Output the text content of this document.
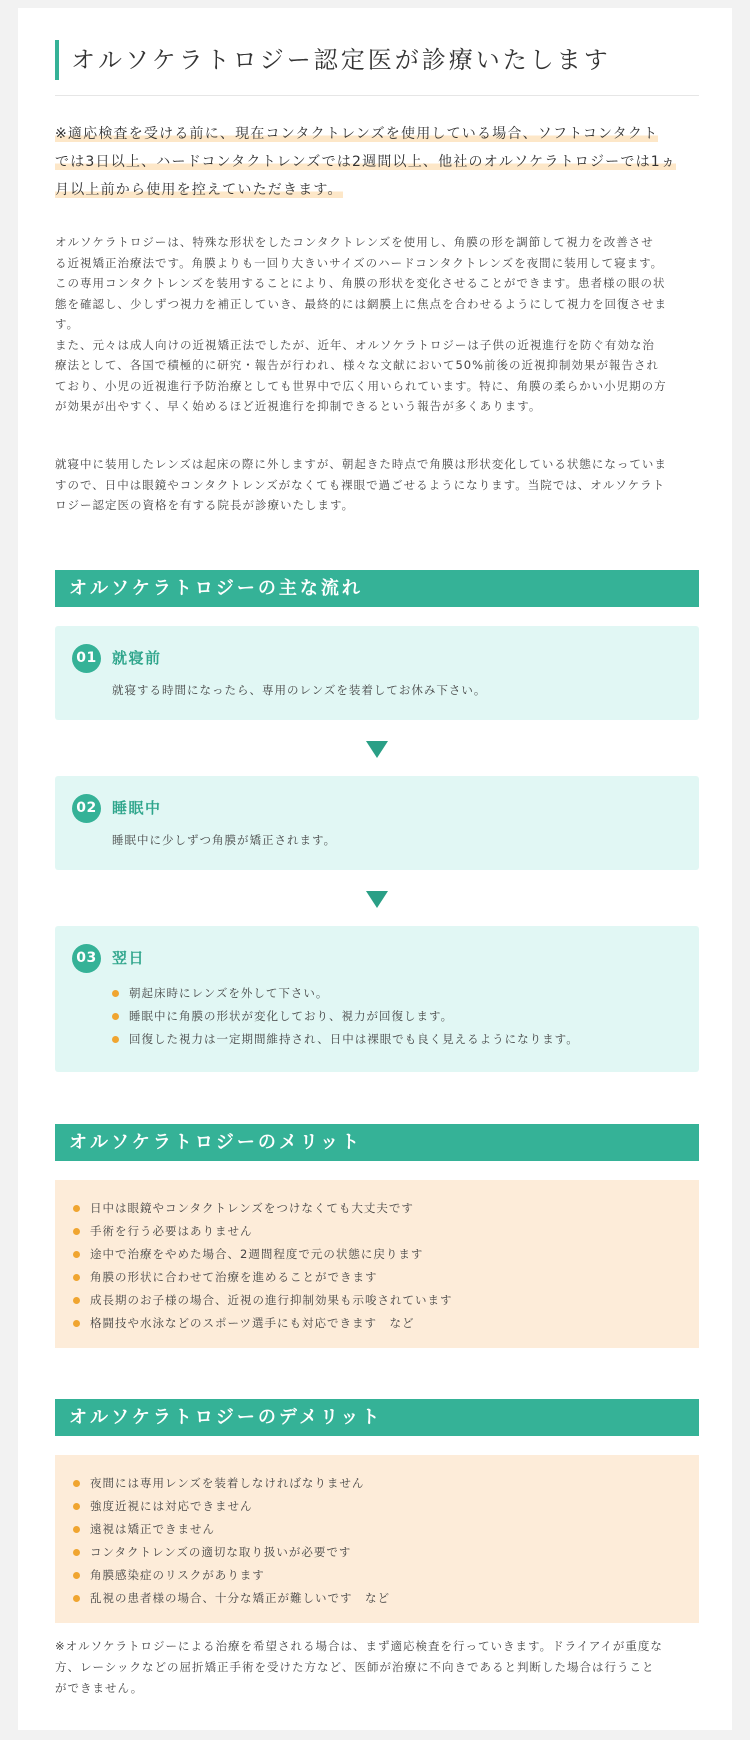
オルソケラトロジー認定医が診療いたします
※適応検査を受ける前に、現在コンタクトレンズを使用している場合、ソフトコンタクト
では3日以上、ハードコンタクトレンズでは2週間以上、他社のオルソケラトロジーでは1ヵ
月以上前から使用を控えていただきます。

オルソケラトロジーは、特殊な形状をしたコンタクトレンズを使用し、角膜の形を調節して視力を改善させ

る近視矯正治療法です。角膜よりも一回り大きいサイズのハードコンタクトレンズを夜間に装用して寝ます。

この専用コンタクトレンズを装用することにより、角膜の形状を変化させることができます。患者様の眼の状

態を確認し、少しずつ視力を補正していき、最終的には網膜上に焦点を合わせるようにして視力を回復させま

す。

また、元々は成人向けの近視矯正法でしたが、近年、オルソケラトロジーは子供の近視進行を防ぐ有効な治

療法として、各国で積極的に研究・報告が行われ、様々な文献において50%前後の近視抑制効果が報告され

ており、小児の近視進行予防治療としても世界中で広く用いられています。特に、角膜の柔らかい小児期の方

が効果が出やすく、早く始めるほど近視進行を抑制できるという報告が多くあります。

就寝中に装用したレンズは起床の際に外しますが、朝起きた時点で角膜は形状変化している状態になっていま

すので、日中は眼鏡やコンタクトレンズがなくても裸眼で過ごせるようになります。当院では、オルソケラト

ロジー認定医の資格を有する院長が診療いたします。

オルソケラトロジーの主な流れ
01 就寝前
就寝する時間になったら、専用のレンズを装着してお休み下さい。
02 睡眠中
睡眠中に少しずつ角膜が矯正されます。
03 翌日
朝起床時にレンズを外して下さい。
睡眠中に角膜の形状が変化しており、視力が回復します。
回復した視力は一定期間維持され、日中は裸眼でも良く見えるようになります。
オルソケラトロジーのメリット
日中は眼鏡やコンタクトレンズをつけなくても大丈夫です
手術を行う必要はありません
途中で治療をやめた場合、2週間程度で元の状態に戻ります
角膜の形状に合わせて治療を進めることができます
成長期のお子様の場合、近視の進行抑制効果も示唆されています
格闘技や水泳などのスポーツ選手にも対応できます　など
オルソケラトロジーのデメリット
夜間には専用レンズを装着しなければなりません
強度近視には対応できません
遠視は矯正できません
コンタクトレンズの適切な取り扱いが必要です
角膜感染症のリスクがあります
乱視の患者様の場合、十分な矯正が難しいです　など

※オルソケラトロジーによる治療を希望される場合は、まず適応検査を行っていきます。ドライアイが重度な

方、レーシックなどの屈折矯正手術を受けた方など、医師が治療に不向きであると判断した場合は行うこと

ができません。
